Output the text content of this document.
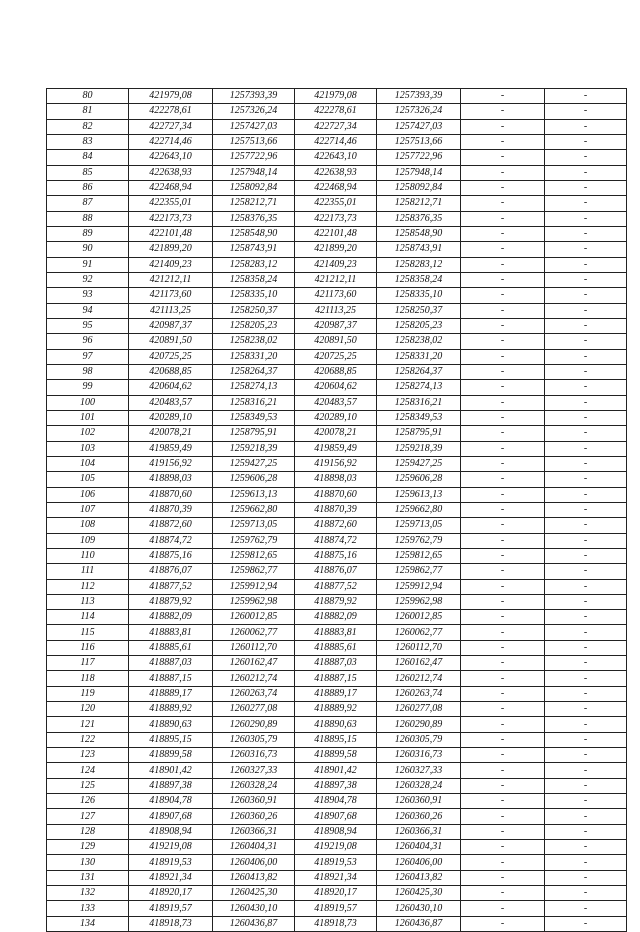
80	421979,08	1257393,39	421979,08	1257393,39	-	-
81	422278,61	1257326,24	422278,61	1257326,24	-	-
82	422727,34	1257427,03	422727,34	1257427,03	-	-
83	422714,46	1257513,66	422714,46	1257513,66	-	-
84	422643,10	1257722,96	422643,10	1257722,96	-	-
85	422638,93	1257948,14	422638,93	1257948,14	-	-
86	422468,94	1258092,84	422468,94	1258092,84	-	-
87	422355,01	1258212,71	422355,01	1258212,71	-	-
88	422173,73	1258376,35	422173,73	1258376,35	-	-
89	422101,48	1258548,90	422101,48	1258548,90	-	-
90	421899,20	1258743,91	421899,20	1258743,91	-	-
91	421409,23	1258283,12	421409,23	1258283,12	-	-
92	421212,11	1258358,24	421212,11	1258358,24	-	-
93	421173,60	1258335,10	421173,60	1258335,10	-	-
94	421113,25	1258250,37	421113,25	1258250,37	-	-
95	420987,37	1258205,23	420987,37	1258205,23	-	-
96	420891,50	1258238,02	420891,50	1258238,02	-	-
97	420725,25	1258331,20	420725,25	1258331,20	-	-
98	420688,85	1258264,37	420688,85	1258264,37	-	-
99	420604,62	1258274,13	420604,62	1258274,13	-	-
100	420483,57	1258316,21	420483,57	1258316,21	-	-
101	420289,10	1258349,53	420289,10	1258349,53	-	-
102	420078,21	1258795,91	420078,21	1258795,91	-	-
103	419859,49	1259218,39	419859,49	1259218,39	-	-
104	419156,92	1259427,25	419156,92	1259427,25	-	-
105	418898,03	1259606,28	418898,03	1259606,28	-	-
106	418870,60	1259613,13	418870,60	1259613,13	-	-
107	418870,39	1259662,80	418870,39	1259662,80	-	-
108	418872,60	1259713,05	418872,60	1259713,05	-	-
109	418874,72	1259762,79	418874,72	1259762,79	-	-
110	418875,16	1259812,65	418875,16	1259812,65	-	-
111	418876,07	1259862,77	418876,07	1259862,77	-	-
112	418877,52	1259912,94	418877,52	1259912,94	-	-
113	418879,92	1259962,98	418879,92	1259962,98	-	-
114	418882,09	1260012,85	418882,09	1260012,85	-	-
115	418883,81	1260062,77	418883,81	1260062,77	-	-
116	418885,61	1260112,70	418885,61	1260112,70	-	-
117	418887,03	1260162,47	418887,03	1260162,47	-	-
118	418887,15	1260212,74	418887,15	1260212,74	-	-
119	418889,17	1260263,74	418889,17	1260263,74	-	-
120	418889,92	1260277,08	418889,92	1260277,08	-	-
121	418890,63	1260290,89	418890,63	1260290,89	-	-
122	418895,15	1260305,79	418895,15	1260305,79	-	-
123	418899,58	1260316,73	418899,58	1260316,73	-	-
124	418901,42	1260327,33	418901,42	1260327,33	-	-
125	418897,38	1260328,24	418897,38	1260328,24	-	-
126	418904,78	1260360,91	418904,78	1260360,91	-	-
127	418907,68	1260360,26	418907,68	1260360,26	-	-
128	418908,94	1260366,31	418908,94	1260366,31	-	-
129	419219,08	1260404,31	419219,08	1260404,31	-	-
130	418919,53	1260406,00	418919,53	1260406,00	-	-
131	418921,34	1260413,82	418921,34	1260413,82	-	-
132	418920,17	1260425,30	418920,17	1260425,30	-	-
133	418919,57	1260430,10	418919,57	1260430,10	-	-
134	418918,73	1260436,87	418918,73	1260436,87	-	-
